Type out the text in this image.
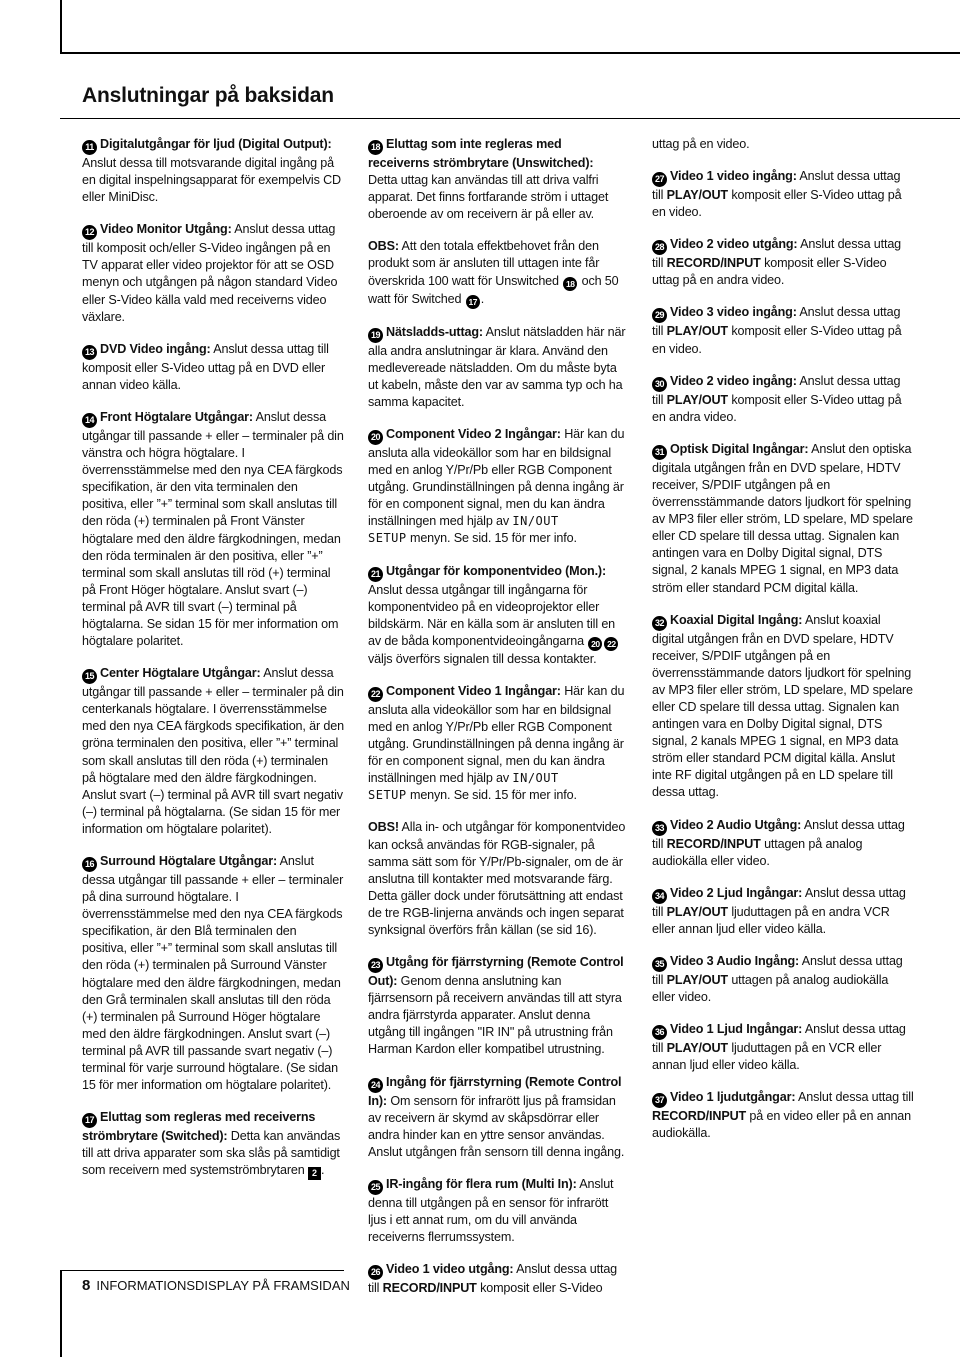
Anslutningar på baksidan

11 Digitalutgångar för ljud (Digital Output): Anslut dessa till motsvarande digital ingång på en digital inspelningsapparat för exempelvis CD eller MiniDisc.

12 Video Monitor Utgång: Anslut dessa uttag till komposit och/eller S-Video ingången på en TV apparat eller video projektor för att se OSD menyn och utgången på någon standard Video eller S-Video källa vald med receiverns video växlare.

13 DVD Video ingång: Anslut dessa uttag till komposit eller S-Video uttag på en DVD eller annan video källa.

14 Front Högtalare Utgångar: Anslut dessa utgångar till passande + eller – terminaler på din vänstra och högra högtalare. I överrensstämmelse med den nya CEA färgkods specifikation, är den vita terminalen den positiva, eller ”+” terminal som skall anslutas till den röda (+) terminalen på Front Vänster högtalare med den äldre färgkodningen, medan den röda terminalen är den positiva, eller ”+” terminal som skall anslutas till röd (+) terminal på Front Höger högtalare. Anslut svart (–) terminal på AVR till svart (–) terminal på högtalarna. Se sidan 15 för mer information om högtalare polaritet.

15 Center Högtalare Utgångar: Anslut dessa utgångar till passande + eller – terminaler på din centerkanals högtalare. I överrensstämmelse med den nya CEA färgkods specifikation, är den gröna terminalen den positiva, eller ”+” terminal som skall anslutas till den röda (+) terminalen på högtalare med den äldre färgkodningen. Anslut svart (–) terminal på AVR till svart negativ (–) terminal på högtalarna. (Se sidan 15 för mer information om högtalare polaritet).

16 Surround Högtalare Utgångar: Anslut dessa utgångar till passande + eller – terminaler på dina surround högtalare. I överrensstämmelse med den nya CEA färgkods specifikation, är den Blå terminalen den positiva, eller ”+” terminal som skall anslutas till den röda (+) terminalen på Surround Vänster högtalare med den äldre färgkodningen, medan den Grå terminalen skall anslutas till den röda (+) terminalen på Surround Höger högtalare med den äldre färgkodningen. Anslut svart (–) terminal på AVR till passande svart negativ (–) terminal för varje surround högtalare. (Se sidan 15 för mer information om högtalare polaritet).

17 Eluttag som regleras med receiverns strömbrytare (Switched): Detta kan användas till att driva apparater som ska slås på samtidigt som receivern med systemströmbrytaren 2 .

18 Eluttag som inte regleras med receiverns strömbrytare (Unswitched): Detta uttag kan användas till att driva valfri apparat. Det finns fortfarande ström i uttaget oberoende av om receivern är på eller av.

OBS: Att den totala effektbehovet från den produkt som är ansluten till uttagen inte får överskrida 100 watt för Unswitched 18 och 50 watt för Switched 17 .

19 Nätsladds-uttag: Anslut nätsladden här när alla andra anslutningar är klara. Använd den medlevereade nätsladden. Om du måste byta ut kabeln, måste den var av samma typ och ha samma kapacitet.

20 Component Video 2 Ingångar: Här kan du ansluta alla videokällor som har en bildsignal med en anlog Y/Pr/Pb eller RGB Component utgång. Grundinställningen på denna ingång är för en component signal, men du kan ändra inställningen med hjälp av IN/OUT
SETUP menyn. Se sid. 15 för mer info.

21 Utgångar för komponentvideo (Mon.): Anslut dessa utgångar till ingångarna för komponentvideo på en videoprojektor eller bildskärm. När en källa som är ansluten till en av de båda komponentvideoingångarna 20 22 väljs överförs signalen till dessa kontakter.

22 Component Video 1 Ingångar: Här kan du ansluta alla videokällor som har en bildsignal med en anlog Y/Pr/Pb eller RGB Component utgång. Grundinställningen på denna ingång är för en component signal, men du kan ändra inställningen med hjälp av IN/OUT
SETUP menyn. Se sid. 15 för mer info.

OBS! Alla in- och utgångar för komponentvideo kan också användas för RGB-signaler, på samma sätt som för Y/Pr/Pb-signaler, om de är anslutna till kontakter med motsvarande färg. Detta gäller dock under förutsättning att endast de tre RGB-linjerna används och ingen separat synksignal överförs från källan (se sid 16).

23 Utgång för fjärrstyrning (Remote Control Out): Genom denna anslutning kan fjärrsensorn på receivern användas till att styra andra fjärrstyrda apparater. Anslut denna utgång till ingången "IR IN" på utrustning från Harman Kardon eller kompatibel utrustning.

24 Ingång för fjärrstyrning (Remote Control In): Om sensorn för infrarött ljus på framsidan av receivern är skymd av skåpsdörrar eller andra hinder kan en yttre sensor användas. Anslut utgången från sensorn till denna ingång.

25 IR-ingång för flera rum (Multi In): Anslut denna till utgången på en sensor för infrarött ljus i ett annat rum, om du vill använda receiverns flerrumssystem.

26 Video 1 video utgång: Anslut dessa uttag till RECORD/INPUT komposit eller S-Video

uttag på en video.

27 Video 1 video ingång: Anslut dessa uttag till PLAY/OUT komposit eller S-Video uttag på en video.

28 Video 2 video utgång: Anslut dessa uttag till RECORD/INPUT komposit eller S-Video uttag på en andra video.

29 Video 3 video ingång: Anslut dessa uttag till PLAY/OUT komposit eller S-Video uttag på en video.

30 Video 2 video ingång: Anslut dessa uttag till PLAY/OUT komposit eller S-Video uttag på en andra video.

31 Optisk Digital Ingångar: Anslut den optiska digitala utgången från en DVD spelare, HDTV receiver, S/PDIF utgången på en överrensstämmande dators ljudkort för spelning av MP3 filer eller ström, LD spelare, MD spelare eller CD spelare till dessa uttag. Signalen kan antingen vara en Dolby Digital signal, DTS signal, 2 kanals MPEG 1 signal, en MP3 data ström eller standard PCM digital källa.

32 Koaxial Digital Ingång: Anslut koaxial digital utgången från en DVD spelare, HDTV receiver, S/PDIF utgången på en överrensstämmande dators ljudkort för spelning av MP3 filer eller ström, LD spelare, MD spelare eller CD spelare till dessa uttag. Signalen kan antingen vara en Dolby Digital signal, DTS signal, 2 kanals MPEG 1 signal, en MP3 data ström eller standard PCM digital källa. Anslut inte RF digital utgången på en LD spelare till dessa uttag.

33 Video 2 Audio Utgång: Anslut dessa uttag till RECORD/INPUT uttagen på analog audiokälla eller video.

34 Video 2 Ljud Ingångar: Anslut dessa uttag till PLAY/OUT ljuduttagen på en andra VCR eller annan ljud eller video källa.

35 Video 3 Audio Ingång: Anslut dessa uttag till PLAY/OUT uttagen på analog audiokälla eller video.

36 Video 1 Ljud Ingångar: Anslut dessa uttag till PLAY/OUT ljuduttagen på en VCR eller annan ljud eller video källa.

37 Video 1 ljudutgångar: Anslut dessa uttag till RECORD/INPUT på en video eller på en annan audiokälla.

8 INFORMATIONSDISPLAY PÅ FRAMSIDAN
